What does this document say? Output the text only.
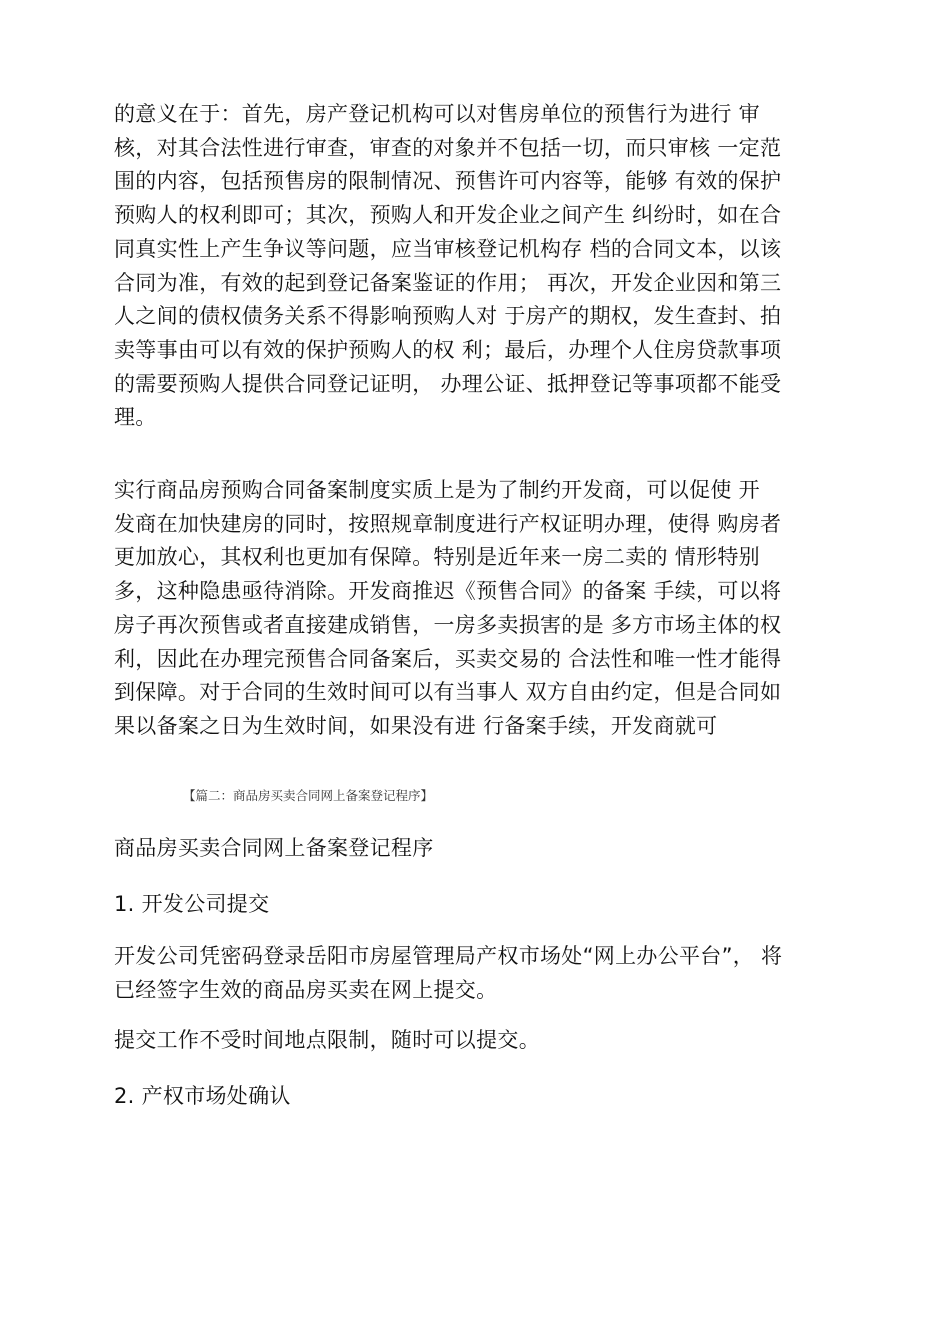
的意义在于：首先，房产登记机构可以对售房单位的预售行为进行 审
核，对其合法性进行审查，审查的对象并不包括一切，而只审核 一定范
围的内容，包括预售房的限制情况、预售许可内容等，能够 有效的保护
预购人的权利即可；其次，预购人和开发企业之间产生 纠纷时，如在合
同真实性上产生争议等问题，应当审核登记机构存 档的合同文本，以该
合同为准，有效的起到登记备案鉴证的作用； 再次，开发企业因和第三
人之间的债权债务关系不得影响预购人对 于房产的期权，发生查封、拍
卖等事由可以有效的保护预购人的权 利；最后，办理个人住房贷款事项
的需要预购人提供合同登记证明， 办理公证、抵押登记等事项都不能受
理。
实行商品房预购合同备案制度实质上是为了制约开发商，可以促使 开
发商在加快建房的同时，按照规章制度进行产权证明办理，使得 购房者
更加放心，其权利也更加有保障。特别是近年来一房二卖的 情形特别
多，这种隐患亟待消除。开发商推迟《预售合同》的备案 手续，可以将
房子再次预售或者直接建成销售，一房多卖损害的是 多方市场主体的权
利，因此在办理完预售合同备案后，买卖交易的 合法性和唯一性才能得
到保障。对于合同的生效时间可以有当事人 双方自由约定，但是合同如
果以备案之日为生效时间，如果没有进 行备案手续，开发商就可
【篇二：商品房买卖合同网上备案登记程序】
商品房买卖合同网上备案登记程序
1. 开发公司提交
开发公司凭密码登录岳阳市房屋管理局产权市场处“网上办公平台”， 将
已经签字生效的商品房买卖在网上提交。
提交工作不受时间地点限制，随时可以提交。
2. 产权市场处确认
